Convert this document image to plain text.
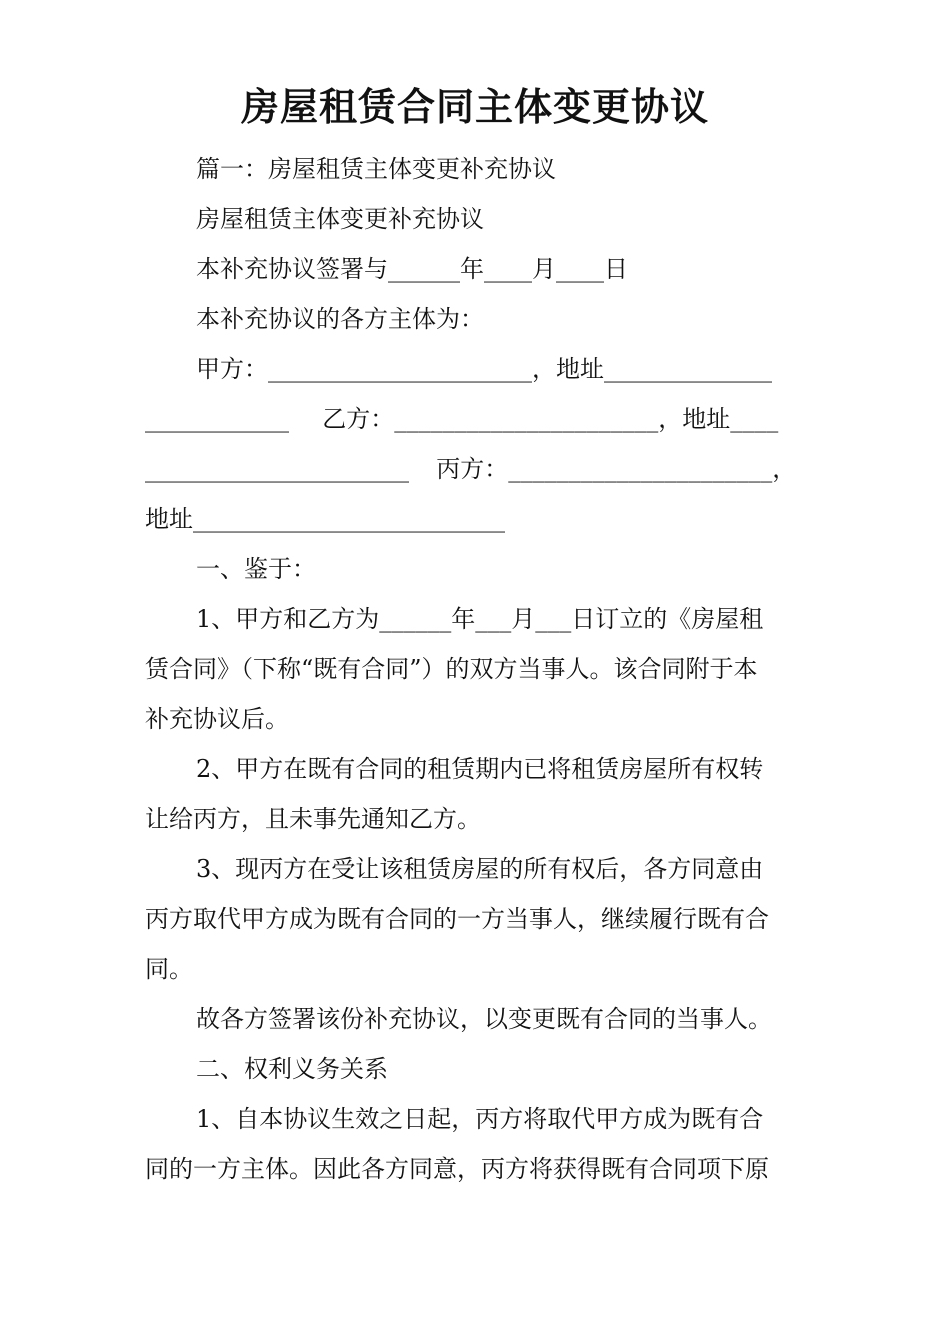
房屋租赁合同主体变更协议
篇一：房屋租赁主体变更补充协议
房屋租赁主体变更补充协议
本补充协议签署与______年____月____日
本补充协议的各方主体为：
甲方：______________________，地址______________
____________ 乙方：______________________，地址____
______________________ 丙方：______________________，
地址__________________________
一、鉴于：
1、甲方和乙方为______年___月___日订立的《房屋租
赁合同》（下称“既有合同”）的双方当事人。该合同附于本
补充协议后。
2、甲方在既有合同的租赁期内已将租赁房屋所有权转
让给丙方，且未事先通知乙方。
3、现丙方在受让该租赁房屋的所有权后，各方同意由
丙方取代甲方成为既有合同的一方当事人，继续履行既有合
同。
故各方签署该份补充协议，以变更既有合同的当事人。
二、权利义务关系
1、自本协议生效之日起，丙方将取代甲方成为既有合
同的一方主体。因此各方同意，丙方将获得既有合同项下原
